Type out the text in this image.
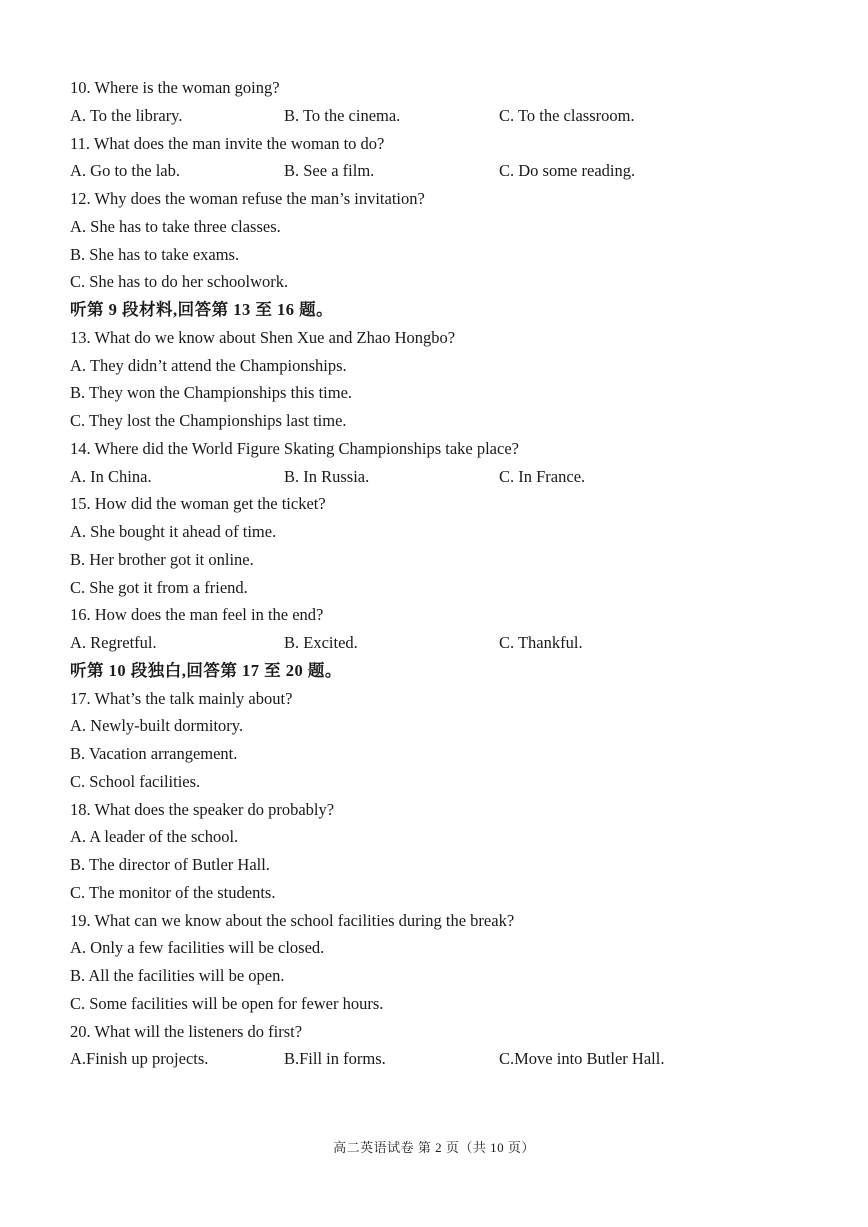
10. Where is the woman going?
A. To the library.	B. To the cinema.	C. To the classroom.
11. What does the man invite the woman to do?
A. Go to the lab.	B. See a film.	C. Do some reading.
12. Why does the woman refuse the man’s invitation?
A. She has to take three classes.
B. She has to take exams.
C. She has to do her schoolwork.
听第 9 段材料,回答第 13 至 16 题。
13. What do we know about Shen Xue and Zhao Hongbo?
A. They didn’t attend the Championships.
B. They won the Championships this time.
C. They lost the Championships last time.
14. Where did the World Figure Skating Championships take place?
A. In China.	B. In Russia.	C. In France.
15. How did the woman get the ticket?
A. She bought it ahead of time.
B. Her brother got it online.
C. She got it from a friend.
16. How does the man feel in the end?
A. Regretful.	B. Excited.	C. Thankful.
听第 10 段独白,回答第 17 至 20 题。
17. What’s the talk mainly about?
A. Newly-built dormitory.
B. Vacation arrangement.
C. School facilities.
18. What does the speaker do probably?
A. A leader of the school.
B. The director of Butler Hall.
C. The monitor of the students.
19. What can we know about the school facilities during the break?
A. Only a few facilities will be closed.
B. All the facilities will be open.
C. Some facilities will be open for fewer hours.
20. What will the listeners do first?
A.Finish up projects.	B.Fill in forms.	C.Move into Butler Hall.
高二英语试卷 第 2 页（共 10 页）
